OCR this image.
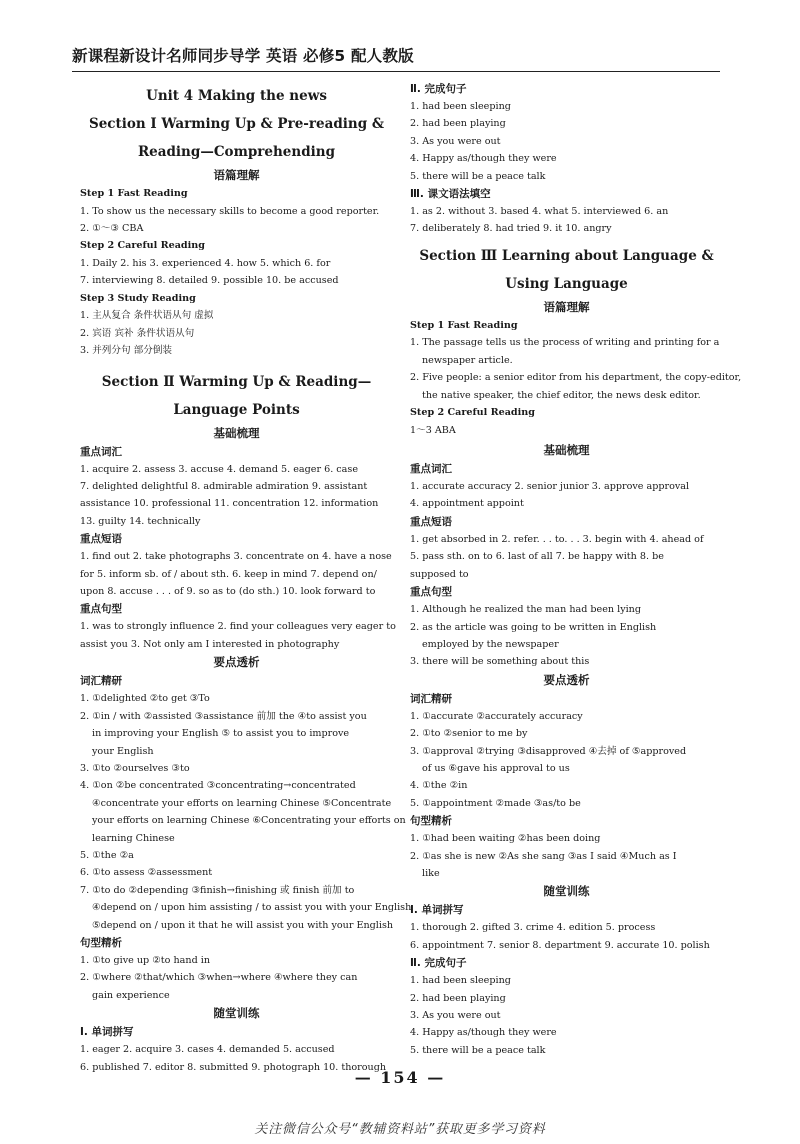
新课程新设计名师同步导学 英语 必修5 配人教版
Unit 4 Making the news
Section Ⅰ Warming Up & Pre-reading &
Reading—Comprehending
语篇理解
Step 1 Fast Reading
1. To show us the necessary skills to become a good reporter.
2. ①～③ CBA
Step 2 Careful Reading
1. Daily 2. his 3. experienced 4. how 5. which 6. for
7. interviewing 8. detailed 9. possible 10. be accused
Step 3 Study Reading
1. 主从复合 条件状语从句 虚拟
2. 宾语 宾补 条件状语从句
3. 并列分句 部分倒装
Section Ⅱ Warming Up & Reading—
Language Points
基础梳理
重点词汇
1. acquire 2. assess 3. accuse 4. demand 5. eager 6. case
7. delighted delightful 8. admirable admiration 9. assistant
assistance 10. professional 11. concentration 12. information
13. guilty 14. technically
重点短语
1. find out 2. take photographs 3. concentrate on 4. have a nose
for 5. inform sb. of / about sth. 6. keep in mind 7. depend on/
upon 8. accuse . . . of 9. so as to (do sth.) 10. look forward to
重点句型
1. was to strongly influence 2. find your colleagues very eager to
assist you 3. Not only am I interested in photography
要点透析
词汇精研
1. ①delighted ②to get ③To
2. ①in / with ②assisted ③assistance 前加 the ④to assist you
in improving your English ⑤ to assist you to improve
your English
3. ①to ②ourselves ③to
4. ①on ②be concentrated ③concentrating→concentrated
④concentrate your efforts on learning Chinese ⑤Concentrate
your efforts on learning Chinese ⑥Concentrating your efforts on
learning Chinese
5. ①the ②a
6. ①to assess ②assessment
7. ①to do ②depending ③finish→finishing 或 finish 前加 to
④depend on / upon him assisting / to assist you with your English
⑤depend on / upon it that he will assist you with your English
句型精析
1. ①to give up ②to hand in
2. ①where ②that/which ③when→where ④where they can
gain experience
随堂训练
Ⅰ. 单词拼写
1. eager 2. acquire 3. cases 4. demanded 5. accused
6. published 7. editor 8. submitted 9. photograph 10. thorough
Ⅱ. 完成句子
1. had been sleeping
2. had been playing
3. As you were out
4. Happy as/though they were
5. there will be a peace talk
Ⅲ. 课文语法填空
1. as 2. without 3. based 4. what 5. interviewed 6. an
7. deliberately 8. had tried 9. it 10. angry
Section Ⅲ Learning about Language &
Using Language
语篇理解
Step 1 Fast Reading
1. The passage tells us the process of writing and printing for a
newspaper article.
2. Five people: a senior editor from his department, the copy-editor,
the native speaker, the chief editor, the news desk editor.
Step 2 Careful Reading
1～3 ABA
基础梳理
重点词汇
1. accurate accuracy 2. senior junior 3. approve approval
4. appointment appoint
重点短语
1. get absorbed in 2. refer. . . to. . . 3. begin with 4. ahead of
5. pass sth. on to 6. last of all 7. be happy with 8. be
supposed to
重点句型
1. Although he realized the man had been lying
2. as the article was going to be written in English
employed by the newspaper
3. there will be something about this
要点透析
词汇精研
1. ①accurate ②accurately accuracy
2. ①to ②senior to me by
3. ①approval ②trying ③disapproved ④去掉 of ⑤approved
of us ⑥gave his approval to us
4. ①the ②in
5. ①appointment ②made ③as/to be
句型精析
1. ①had been waiting ②has been doing
2. ①as she is new ②As she sang ③as I said ④Much as I
like
随堂训练
Ⅰ. 单词拼写
1. thorough 2. gifted 3. crime 4. edition 5. process
6. appointment 7. senior 8. department 9. accurate 10. polish
Ⅱ. 完成句子
1. had been sleeping
2. had been playing
3. As you were out
4. Happy as/though they were
5. there will be a peace talk
— 154 —
关注微信公众号“教辅资料站”获取更多学习资料
